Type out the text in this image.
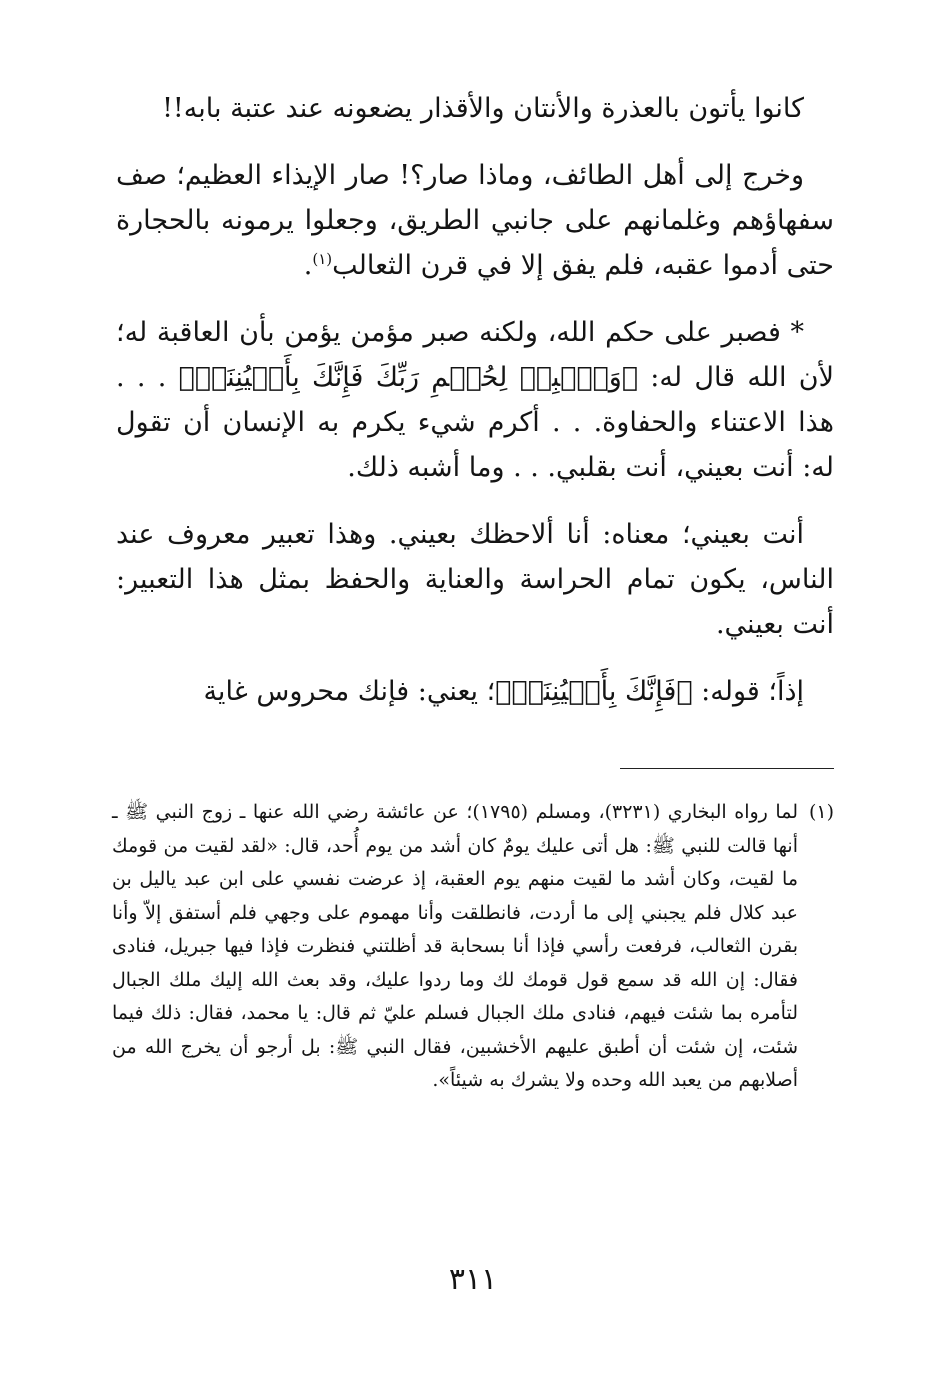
كانوا يأتون بالعذرة والأنتان والأقذار يضعونه عند عتبة بابه!!

وخرج إلى أهل الطائف، وماذا صار؟! صار الإيذاء العظيم؛ صف سفهاؤهم وغلمانهم على جانبي الطريق، وجعلوا يرمونه بالحجارة حتى أدموا عقبه، فلم يفق إلا في قرن الثعالب$^{(١)}$.

* فصبر على حكم الله، ولكنه صبر مؤمن يؤمن بأن العاقبة له؛ لأن الله قال له: ﴿وَٱصۡبِرۡ لِحُكۡمِ رَبِّكَ فَإِنَّكَ بِأَعۡيُنِنَاۖ﴾ . . . هذا الاعتناء والحفاوة. . . أكرم شيء يكرم به الإنسان أن تقول له: أنت بعيني، أنت بقلبي. . . وما أشبه ذلك.

أنت بعيني؛ معناه: أنا ألاحظك بعيني. وهذا تعبير معروف عند الناس، يكون تمام الحراسة والعناية والحفظ بمثل هذا التعبير: أنت بعيني.

إذاً؛ قوله: ﴿فَإِنَّكَ بِأَعۡيُنِنَاۖ﴾؛ يعني: فإنك محروس غاية

(١)
لما رواه البخاري (٣٢٣١)، ومسلم (١٧٩٥)؛ عن عائشة رضي الله عنها ـ زوج النبي ﷺ ـ أنها قالت للنبي ﷺ: هل أتى عليك يومٌ كان أشد من يوم أُحد، قال: «لقد لقيت من قومك ما لقيت، وكان أشد ما لقيت منهم يوم العقبة، إذ عرضت نفسي على ابن عبد ياليل بن عبد كلال فلم يجبني إلى ما أردت، فانطلقت وأنا مهموم على وجهي فلم أستفق إلاّ وأنا بقرن الثعالب، فرفعت رأسي فإذا أنا بسحابة قد أظلتني فنظرت فإذا فيها جبريل، فنادى فقال: إن الله قد سمع قول قومك لك وما ردوا عليك، وقد بعث الله إليك ملك الجبال لتأمره بما شئت فيهم، فنادى ملك الجبال فسلم عليّ ثم قال: يا محمد، فقال: ذلك فيما شئت، إن شئت أن أطبق عليهم الأخشبين، فقال النبي ﷺ: بل أرجو أن يخرج الله من أصلابهم من يعبد الله وحده ولا يشرك به شيئاً».
٣١١
